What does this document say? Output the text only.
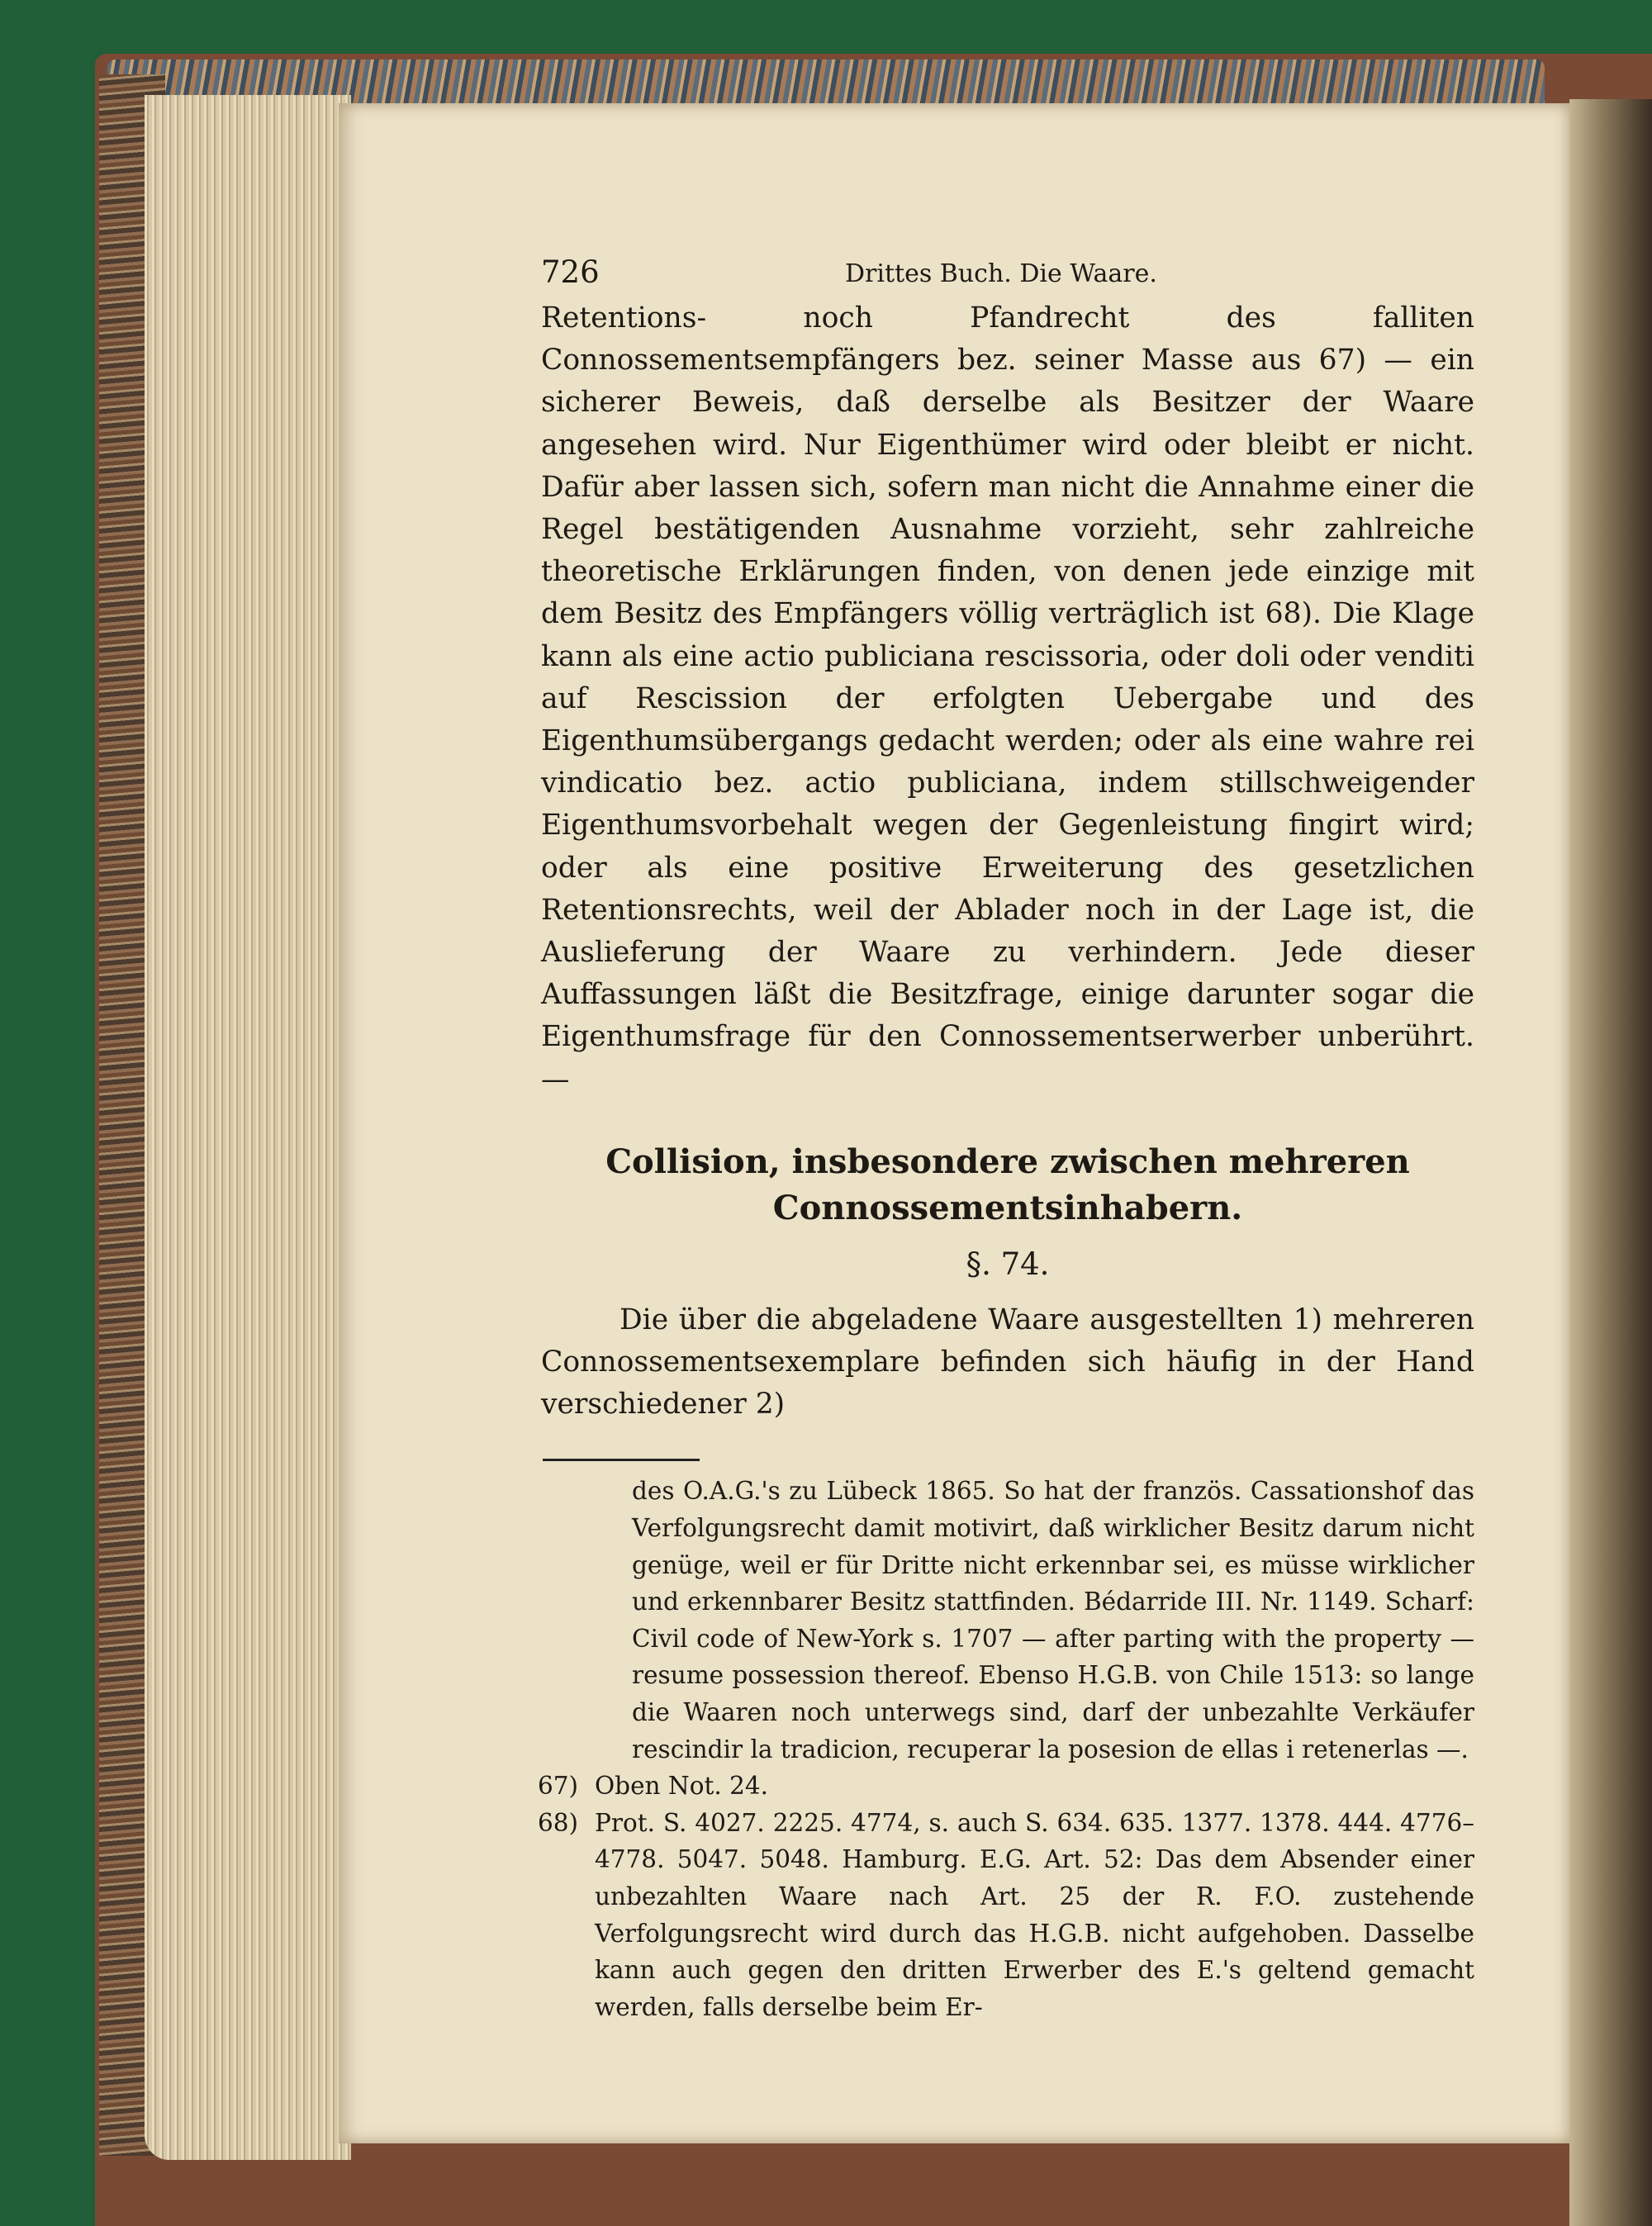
726	Drittes Buch. Die Waare.

Retentions- noch Pfandrecht des falliten Connossementsempfängers bez. seiner Masse aus 67) — ein sicherer Beweis, daß derselbe als Besitzer der Waare angesehen wird. Nur Eigenthümer wird oder bleibt er nicht. Dafür aber lassen sich, sofern man nicht die Annahme einer die Regel bestätigenden Ausnahme vorzieht, sehr zahlreiche theoretische Erklärungen finden, von denen jede einzige mit dem Besitz des Empfängers völlig verträglich ist 68). Die Klage kann als eine actio publiciana rescissoria, oder doli oder venditi auf Rescission der erfolgten Uebergabe und des Eigenthumsübergangs gedacht werden; oder als eine wahre rei vindicatio bez. actio publiciana, indem stillschweigender Eigenthumsvorbehalt wegen der Gegenleistung fingirt wird; oder als eine positive Erweiterung des gesetzlichen Retentionsrechts, weil der Ablader noch in der Lage ist, die Auslieferung der Waare zu verhindern. Jede dieser Auffassungen läßt die Besitzfrage, einige darunter sogar die Eigenthumsfrage für den Connossementserwerber unberührt. —

Collision, insbesondere zwischen mehreren Connossementsinhabern.
§. 74.

Die über die abgeladene Waare ausgestellten 1) mehreren Connossementsexemplare befinden sich häufig in der Hand verschiedener 2)

des O.A.G.'s zu Lübeck 1865. So hat der französ. Cassationshof das Verfolgungsrecht damit motivirt, daß wirklicher Besitz darum nicht genüge, weil er für Dritte nicht erkennbar sei, es müsse wirklicher und erkennbarer Besitz stattfinden. Bédarride III. Nr. 1149. Scharf: Civil code of New-York s. 1707 — after parting with the property — resume possession thereof. Ebenso H.G.B. von Chile 1513: so lange die Waaren noch unterwegs sind, darf der unbezahlte Verkäufer rescindir la tradicion, recuperar la posesion de ellas i retenerlas —.

67) Oben Not. 24.
68) Prot. S. 4027. 2225. 4774, s. auch S. 634. 635. 1377. 1378. 444. 4776–4778. 5047. 5048. Hamburg. E.G. Art. 52: Das dem Absender einer unbezahlten Waare nach Art. 25 der R. F.O. zustehende Verfolgungsrecht wird durch das H.G.B. nicht aufgehoben. Dasselbe kann auch gegen den dritten Erwerber des E.'s geltend gemacht werden, falls derselbe beim Er-
